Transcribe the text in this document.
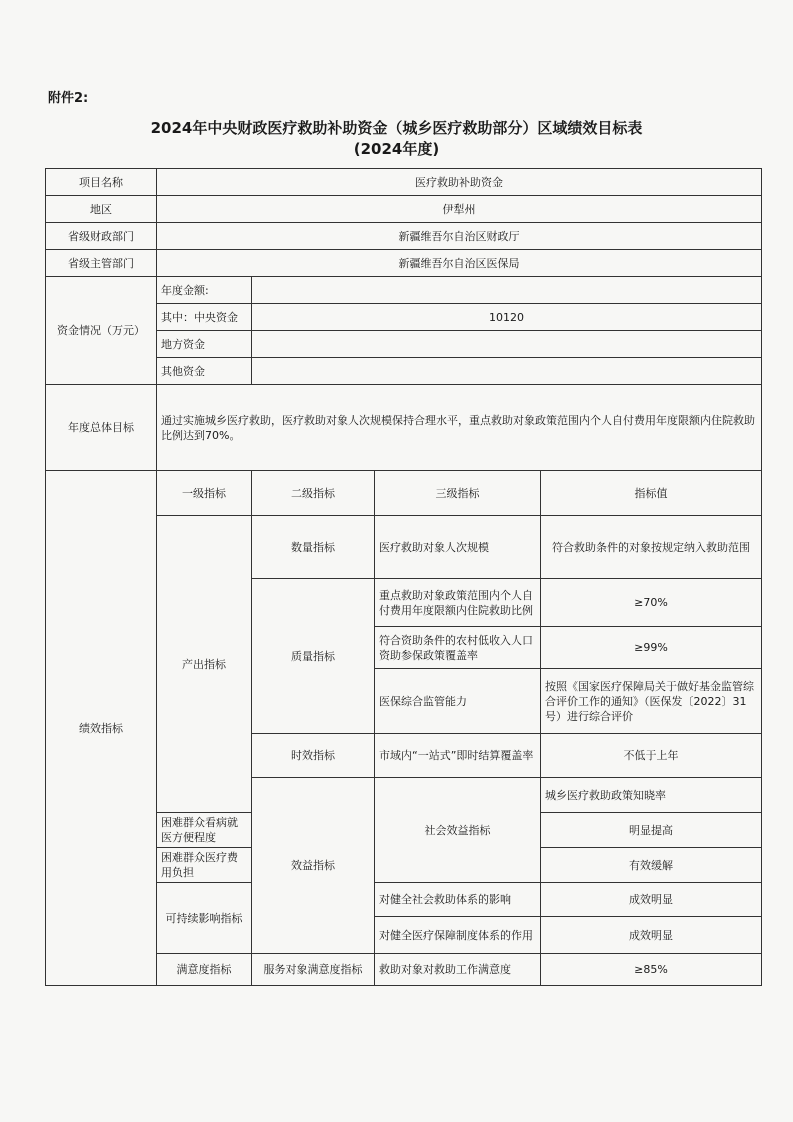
附件2:
2024年中央财政医疗救助补助资金（城乡医疗救助部分）区域绩效目标表
(2024年度)
项目名称	医疗救助补助资金				
地区	伊犁州				
省级财政部门	新疆维吾尔自治区财政厅				
省级主管部门	新疆维吾尔自治区医保局				
资金情况（万元）	年度金额:				
	其中：中央资金	10120			
	地方资金				
	其他资金				
年度总体目标	通过实施城乡医疗救助，医疗救助对象人次规模保持合理水平，重点救助对象政策范围内个人自付费用年度限额内住院救助比例达到70%。				
绩效指标	一级指标	二级指标	三级指标	指标值	
	产出指标	数量指标	医疗救助对象人次规模	符合救助条件的对象按规定纳入救助范围	
		质量指标	重点救助对象政策范围内个人自付费用年度限额内住院救助比例	≥70%	
			符合资助条件的农村低收入人口资助参保政策覆盖率	≥99%	
			医保综合监管能力	按照《国家医疗保障局关于做好基金监管综合评价工作的通知》（医保发〔2022〕31号）进行综合评价	
		时效指标	市域内“一站式”即时结算覆盖率	不低于上年	
		效益指标	社会效益指标	城乡医疗救助政策知晓率	
	困难群众看病就医方便程度			明显提高	
	困难群众医疗费用负担			有效缓解	
	可持续影响指标		对健全社会救助体系的影响	成效明显	
			对健全医疗保障制度体系的作用	成效明显	
	满意度指标	服务对象满意度指标	救助对象对救助工作满意度	≥85%	
